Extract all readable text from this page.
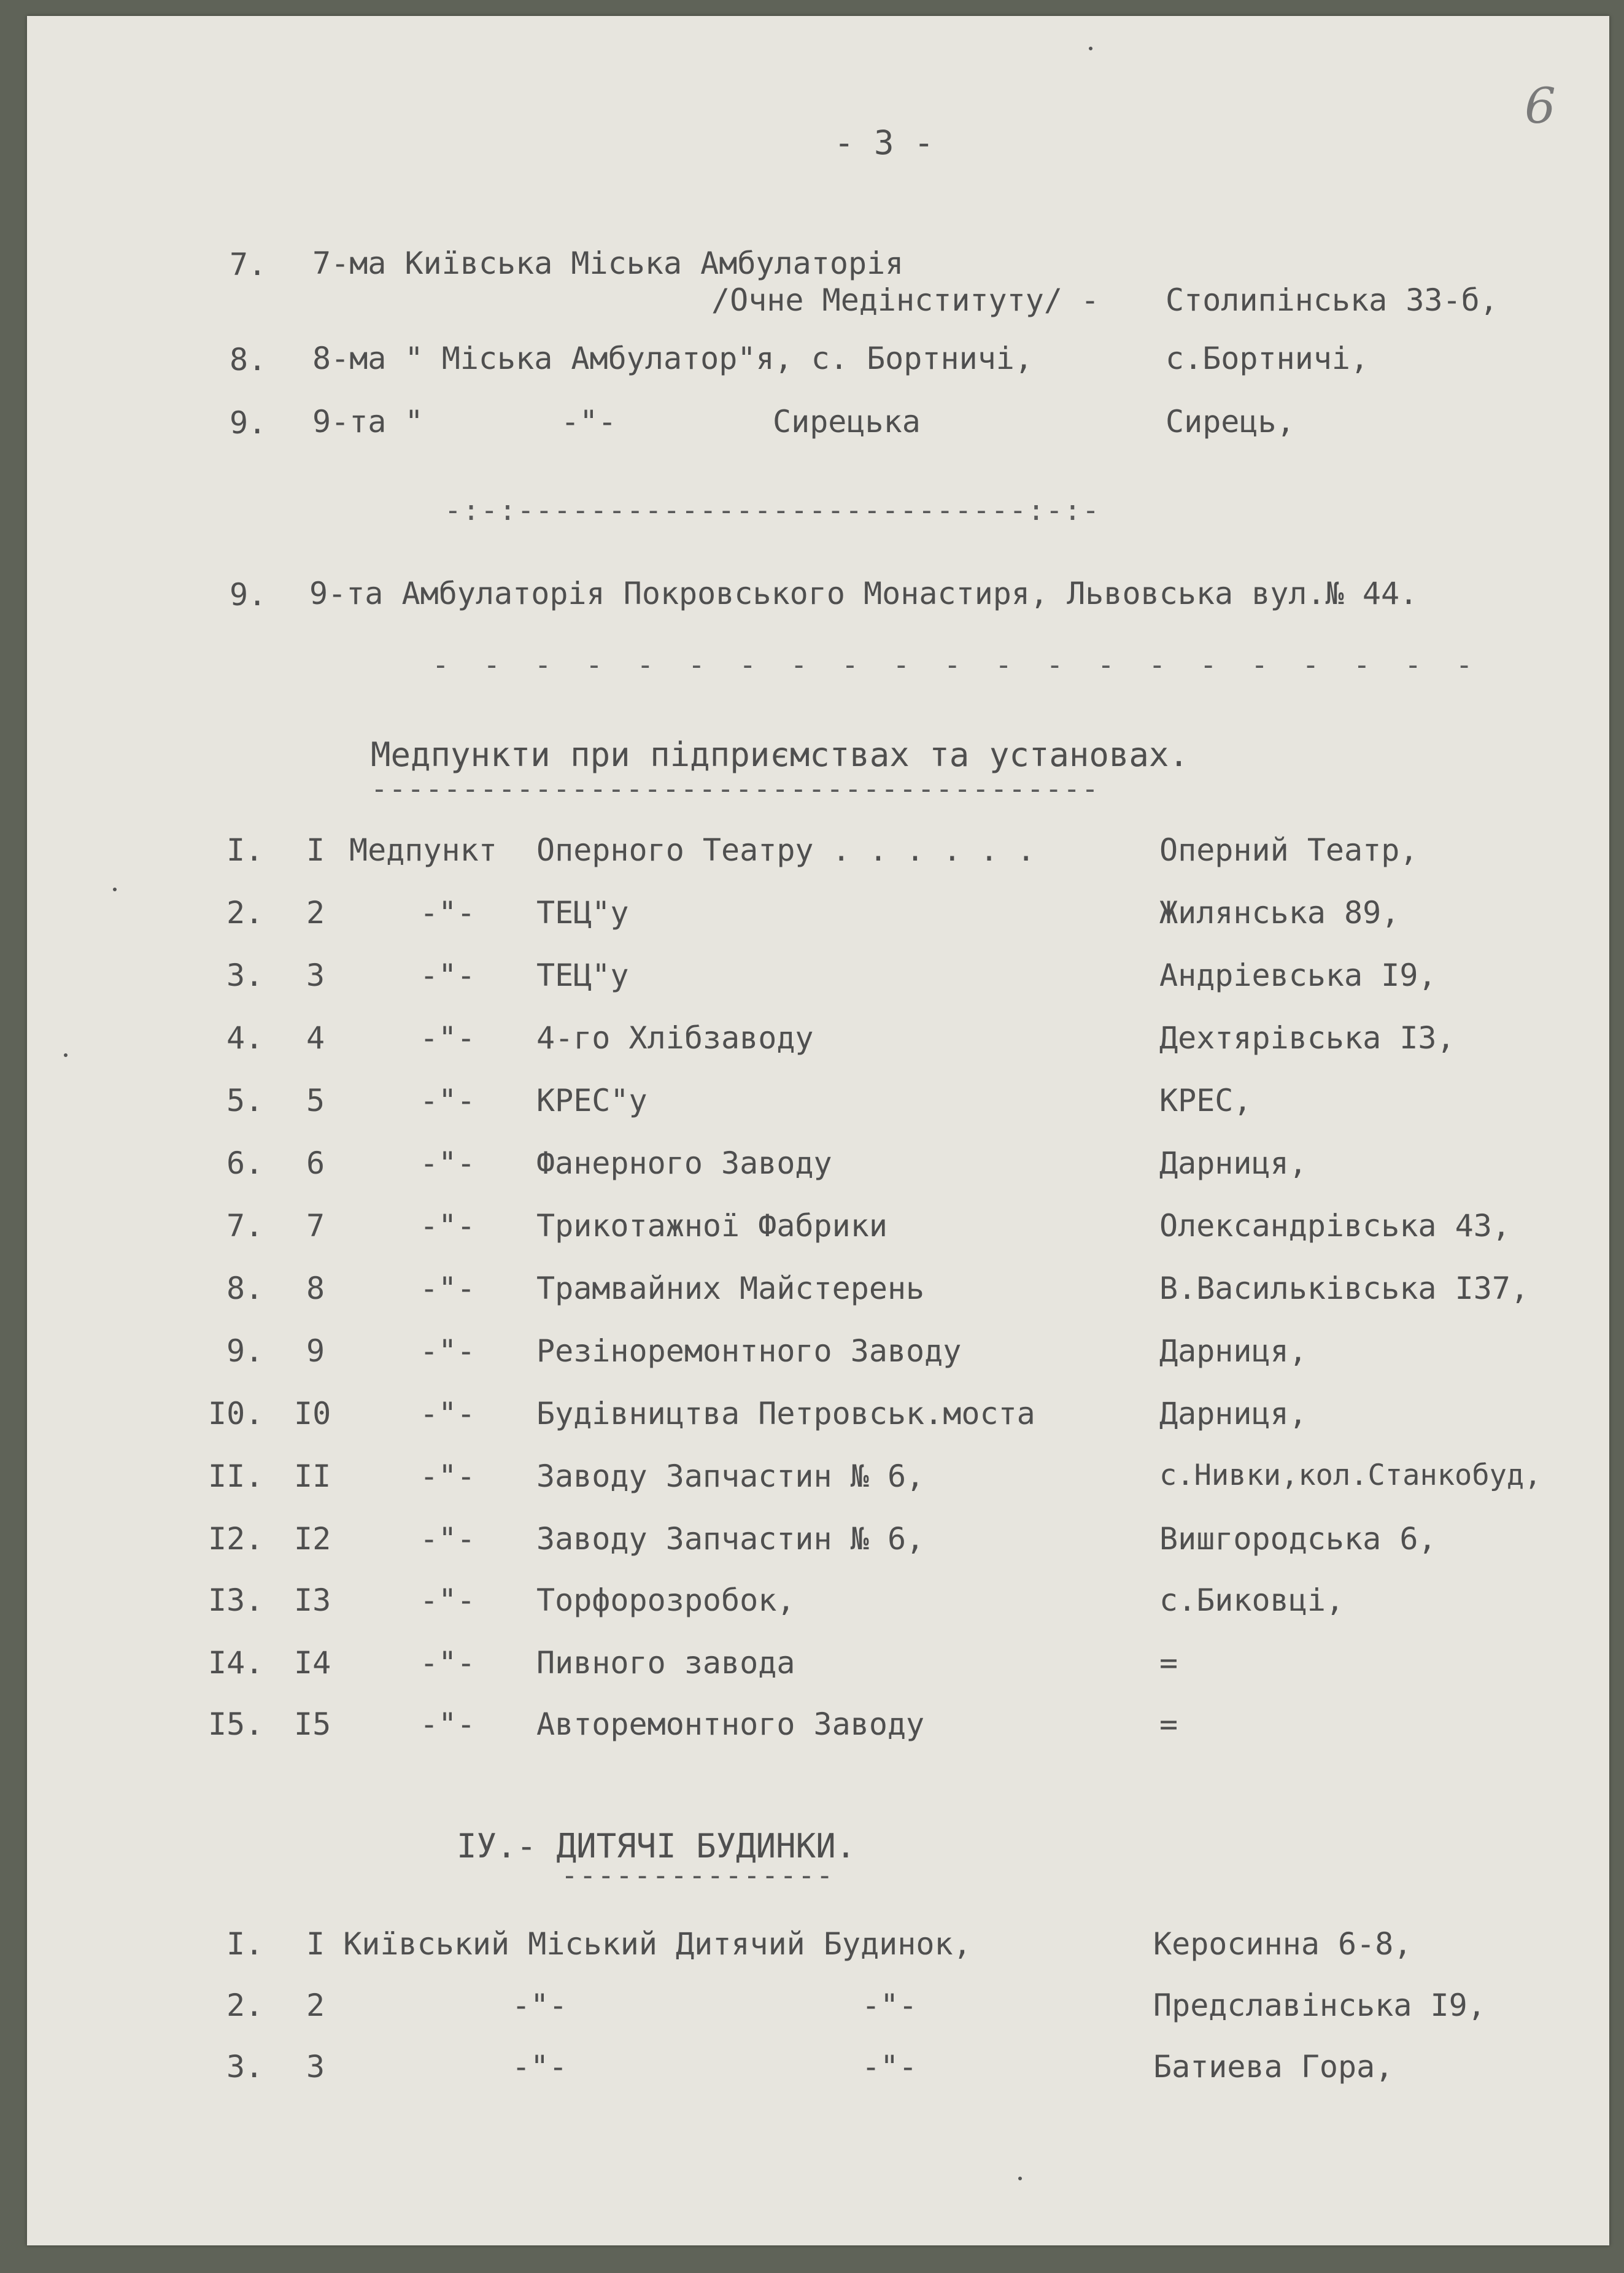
6
- 3 -
7. 7-ма Київська Міська Амбулаторія
/Очне Медінституту/ - Столипінська 33-б,
8. 8-ма " Міська Амбулатор"я, с. Бортничі,	с.Бортничі,
9. 9-та "	-"-	Сирецька	Сирець,
-:-:----------------------------:-:-
9. 9-та Амбулаторія Покровського Монастиря, Львовська вул.№ 44.
- - - - - - - - - - - - - - - - - - - - -
Медпункти при підприємствах та установах.
----------------------------------------
I. I Медпункт Оперного Театру . . . . . .	Оперний Театр,
2. 2	-"- ТЕЦ"у	Жилянська 89,
3. 3	-"- ТЕЦ"у	Андріевська I9,
4. 4	-"- 4-го Хлібзаводу	Дехтярівська I3,
5. 5	-"- КРЕС"у	КРЕС,
6. 6	-"- Фанерного Заводу	Дарниця,
7. 7	-"- Трикотажної Фабрики	Олександрівська 43,
8. 8	-"- Трамвайних Майстерень	В.Васильківська I37,
9. 9	-"- Резіноремонтного Заводу	Дарниця,
I0. I0	-"- Будівництва Петровськ.моста	Дарниця,
II. II	-"- Заводу Запчастин № 6,	с.Нивки,кол.Станкобуд,
I2. I2	-"- Заводу Запчастин № 6,	Вишгородська 6,
I3. I3	-"- Торфорозробок,	с.Биковці,
I4. I4	-"- Пивного завода	=
I5. I5	-"- Авторемонтного Заводу	=
IУ.- ДИТЯЧІ БУДИНКИ.
---------------
I. I Київський Міський Дитячий Будинок,	Керосинна 6-8,
2. 2	-"-	-"-	Предславінська I9,
3. 3	-"-	-"-	Батиева Гора,
